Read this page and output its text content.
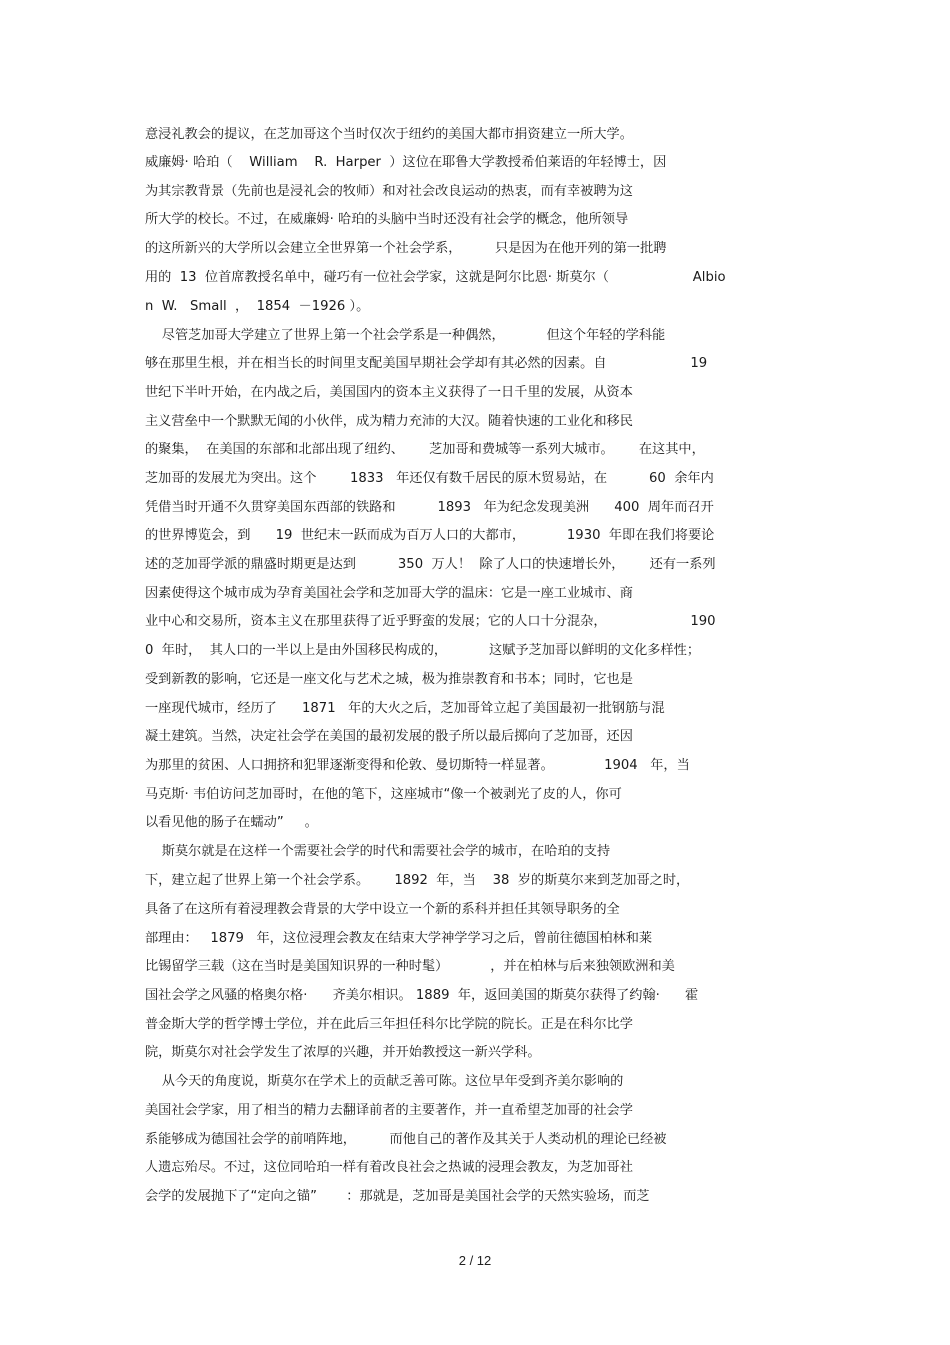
意浸礼教会的提议，在芝加哥这个当时仅次于纽约的美国大都市捐资建立一所大学。
威廉姆· 哈珀（    William    R.  Harper  ）这位在耶鲁大学教授希伯莱语的年轻博士，因
为其宗教背景（先前也是浸礼会的牧师）和对社会改良运动的热衷，而有幸被聘为这
所大学的校长。不过，在威廉姆· 哈珀的头脑中当时还没有社会学的概念，他所领导
的这所新兴的大学所以会建立全世界第一个社会学系，        只是因为在他开列的第一批聘
用的  13  位首席教授名单中，碰巧有一位社会学家，这就是阿尔比恩· 斯莫尔（                    Albio
n  W.   Small  ，  1854  －1926 ）。
尽管芝加哥大学建立了世界上第一个社会学系是一种偶然，          但这个年轻的学科能
够在那里生根，并在相当长的时间里支配美国早期社会学却有其必然的因素。自                    19
世纪下半叶开始，在内战之后，美国国内的资本主义获得了一日千里的发展，从资本
主义营垒中一个默默无闻的小伙伴，成为精力充沛的大汉。随着快速的工业化和移民
的聚集，  在美国的东部和北部出现了纽约、      芝加哥和费城等一系列大城市。      在这其中，
芝加哥的发展尤为突出。这个        1833   年还仅有数千居民的原木贸易站，在          60  余年内
凭借当时开通不久贯穿美国东西部的铁路和          1893   年为纪念发现美洲      400  周年而召开
的世界博览会，到      19  世纪末一跃而成为百万人口的大都市，          1930  年即在我们将要论
述的芝加哥学派的鼎盛时期更是达到          350  万人！  除了人口的快速增长外，      还有一系列
因素使得这个城市成为孕育美国社会学和芝加哥大学的温床：它是一座工业城市、商
业中心和交易所，资本主义在那里获得了近乎野蛮的发展；它的人口十分混杂，                    190
0  年时，  其人口的一半以上是由外国移民构成的，          这赋予芝加哥以鲜明的文化多样性；
受到新教的影响，它还是一座文化与艺术之城，极为推崇教育和书本；同时，它也是
一座现代城市，经历了      1871   年的大火之后，芝加哥耸立起了美国最初一批钢筋与混
凝土建筑。当然，决定社会学在美国的最初发展的骰子所以最后掷向了芝加哥，还因
为那里的贫困、人口拥挤和犯罪逐渐变得和伦敦、曼切斯特一样显著。            1904   年，当
马克斯· 韦伯访问芝加哥时，在他的笔下，这座城市“像一个被剥光了皮的人，你可
以看见他的肠子在蠕动”     。
斯莫尔就是在这样一个需要社会学的时代和需要社会学的城市，在哈珀的支持
下，建立起了世界上第一个社会学系。      1892  年，当    38  岁的斯莫尔来到芝加哥之时，
具备了在这所有着浸理教会背景的大学中设立一个新的系科并担任其领导职务的全
部理由：   1879   年，这位浸理会教友在结束大学神学学习之后，曾前往德国柏林和莱
比锡留学三载（这在当时是美国知识界的一种时髦）          ，并在柏林与后来独领欧洲和美
国社会学之风骚的格奥尔格·      齐美尔相识。 1889  年，返回美国的斯莫尔获得了约翰·      霍
普金斯大学的哲学博士学位，并在此后三年担任科尔比学院的院长。正是在科尔比学
院，斯莫尔对社会学发生了浓厚的兴趣，并开始教授这一新兴学科。
从今天的角度说，斯莫尔在学术上的贡献乏善可陈。这位早年受到齐美尔影响的
美国社会学家，用了相当的精力去翻译前者的主要著作，并一直希望芝加哥的社会学
系能够成为德国社会学的前哨阵地，        而他自己的著作及其关于人类动机的理论已经被
人遗忘殆尽。不过，这位同哈珀一样有着改良社会之热诚的浸理会教友，为芝加哥社
会学的发展抛下了“定向之锚”       ：那就是，芝加哥是美国社会学的天然实验场，而芝
2 / 12
